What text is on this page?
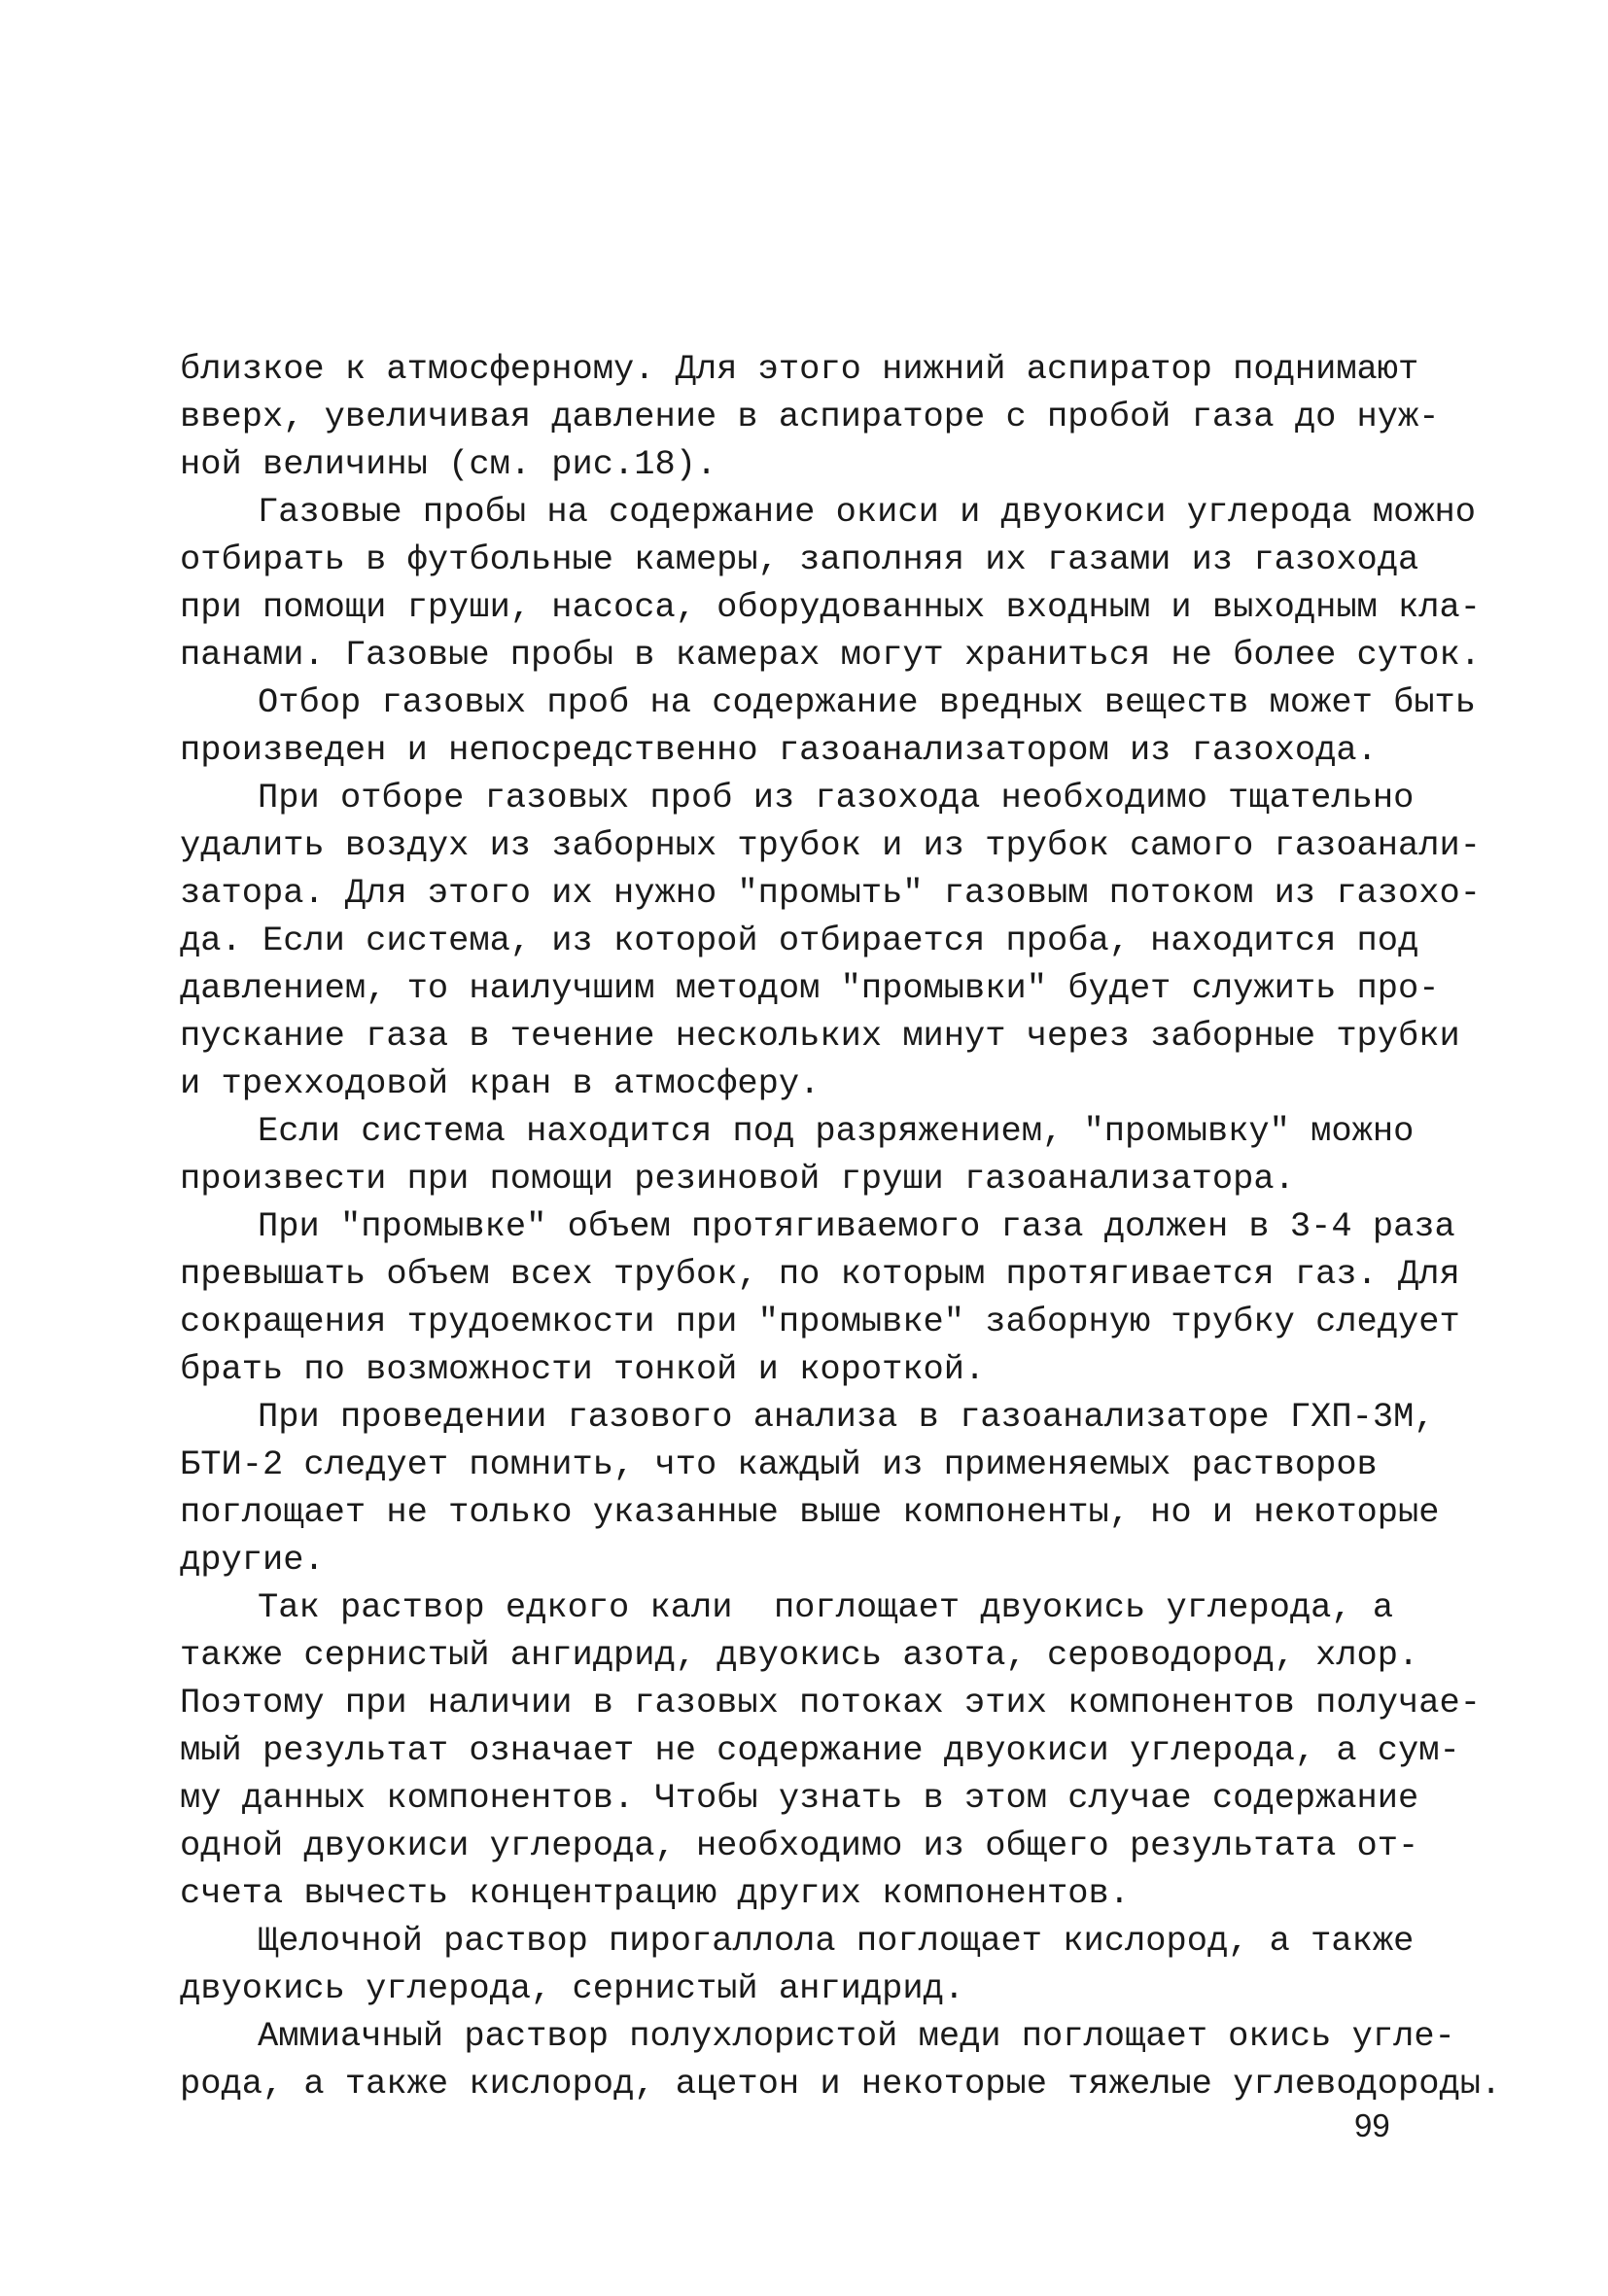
близкое к атмосферному. Для этого нижний аспиратор поднимают
вверх, увеличивая давление в аспираторе с пробой газа до нуж-
ной величины (см. рис.18).
Газовые пробы на содержание окиси и двуокиси углерода можно
отбирать в футбольные камеры, заполняя их газами из газохода
при помощи груши, насоса, оборудованных входным и выходным кла-
панами. Газовые пробы в камерах могут храниться не более суток.
Отбор газовых проб на содержание вредных веществ может быть
произведен и непосредственно газоанализатором из газохода.
При отборе газовых проб из газохода необходимо тщательно
удалить воздух из заборных трубок и из трубок самого газоанали-
затора. Для этого их нужно "промыть" газовым потоком из газохо-
да. Если система, из которой отбирается проба, находится под
давлением, то наилучшим методом "промывки" будет служить про-
пускание газа в течение нескольких минут через заборные трубки
и трехходовой кран в атмосферу.
Если система находится под разряжением, "промывку" можно
произвести при помощи резиновой груши газоанализатора.
При "промывке" объем протягиваемого газа должен в 3-4 раза
превышать объем всех трубок, по которым протягивается газ. Для
сокращения трудоемкости при "промывке" заборную трубку следует
брать по возможности тонкой и короткой.
При проведении газового анализа в газоанализаторе ГХП-3М,
БТИ-2 следует помнить, что каждый из применяемых растворов
поглощает не только указанные выше компоненты, но и некоторые
другие.
Так раствор едкого кали  поглощает двуокись углерода, а
также сернистый ангидрид, двуокись азота, сероводород, хлор.
Поэтому при наличии в газовых потоках этих компонентов получае-
мый результат означает не содержание двуокиси углерода, а сум-
му данных компонентов. Чтобы узнать в этом случае содержание
одной двуокиси углерода, необходимо из общего результата от-
счета вычесть концентрацию других компонентов.
Щелочной раствор пирогаллола поглощает кислород, а также
двуокись углерода, сернистый ангидрид.
Аммиачный раствор полухлористой меди поглощает окись угле-
рода, а также кислород, ацетон и некоторые тяжелые углеводороды.
99
